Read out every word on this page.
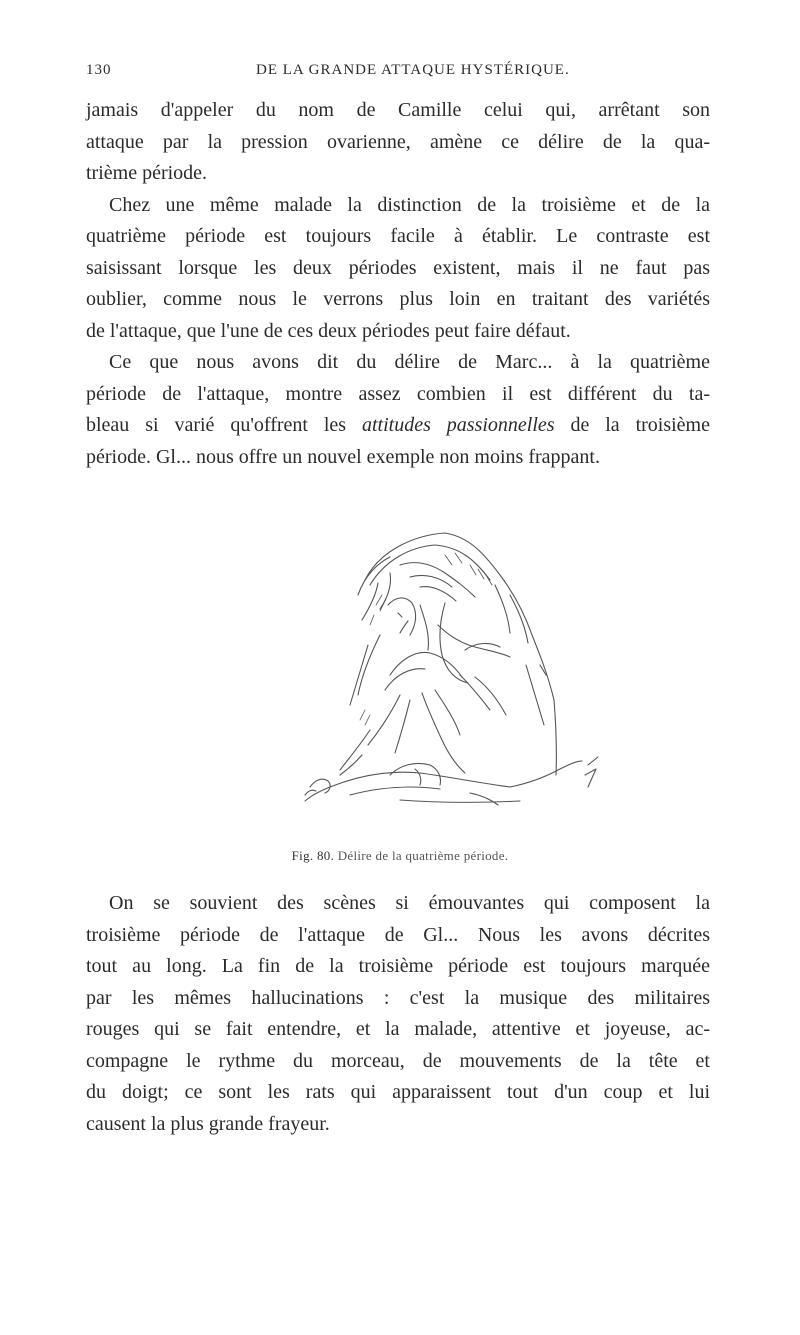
130	DE LA GRANDE ATTAQUE HYSTÉRIQUE.
jamais d'appeler du nom de Camille celui qui, arrêtant son
attaque par la pression ovarienne, amène ce délire de la qua-
trième période.
Chez une même malade la distinction de la troisième et de la
quatrième période est toujours facile à établir. Le contraste est
saisissant lorsque les deux périodes existent, mais il ne faut pas
oublier, comme nous le verrons plus loin en traitant des variétés
de l'attaque, que l'une de ces deux périodes peut faire défaut.
Ce que nous avons dit du délire de Marc... à la quatrième
période de l'attaque, montre assez combien il est différent du ta-
bleau si varié qu'offrent les attitudes passionnelles de la troisième
période. Gl... nous offre un nouvel exemple non moins frappant.
Fig. 80. Délire de la quatrième période.
On se souvient des scènes si émouvantes qui composent la
troisième période de l'attaque de Gl... Nous les avons décrites
tout au long. La fin de la troisième période est toujours marquée
par les mêmes hallucinations : c'est la musique des militaires
rouges qui se fait entendre, et la malade, attentive et joyeuse, ac-
compagne le rythme du morceau, de mouvements de la tête et
du doigt; ce sont les rats qui apparaissent tout d'un coup et lui
causent la plus grande frayeur.
